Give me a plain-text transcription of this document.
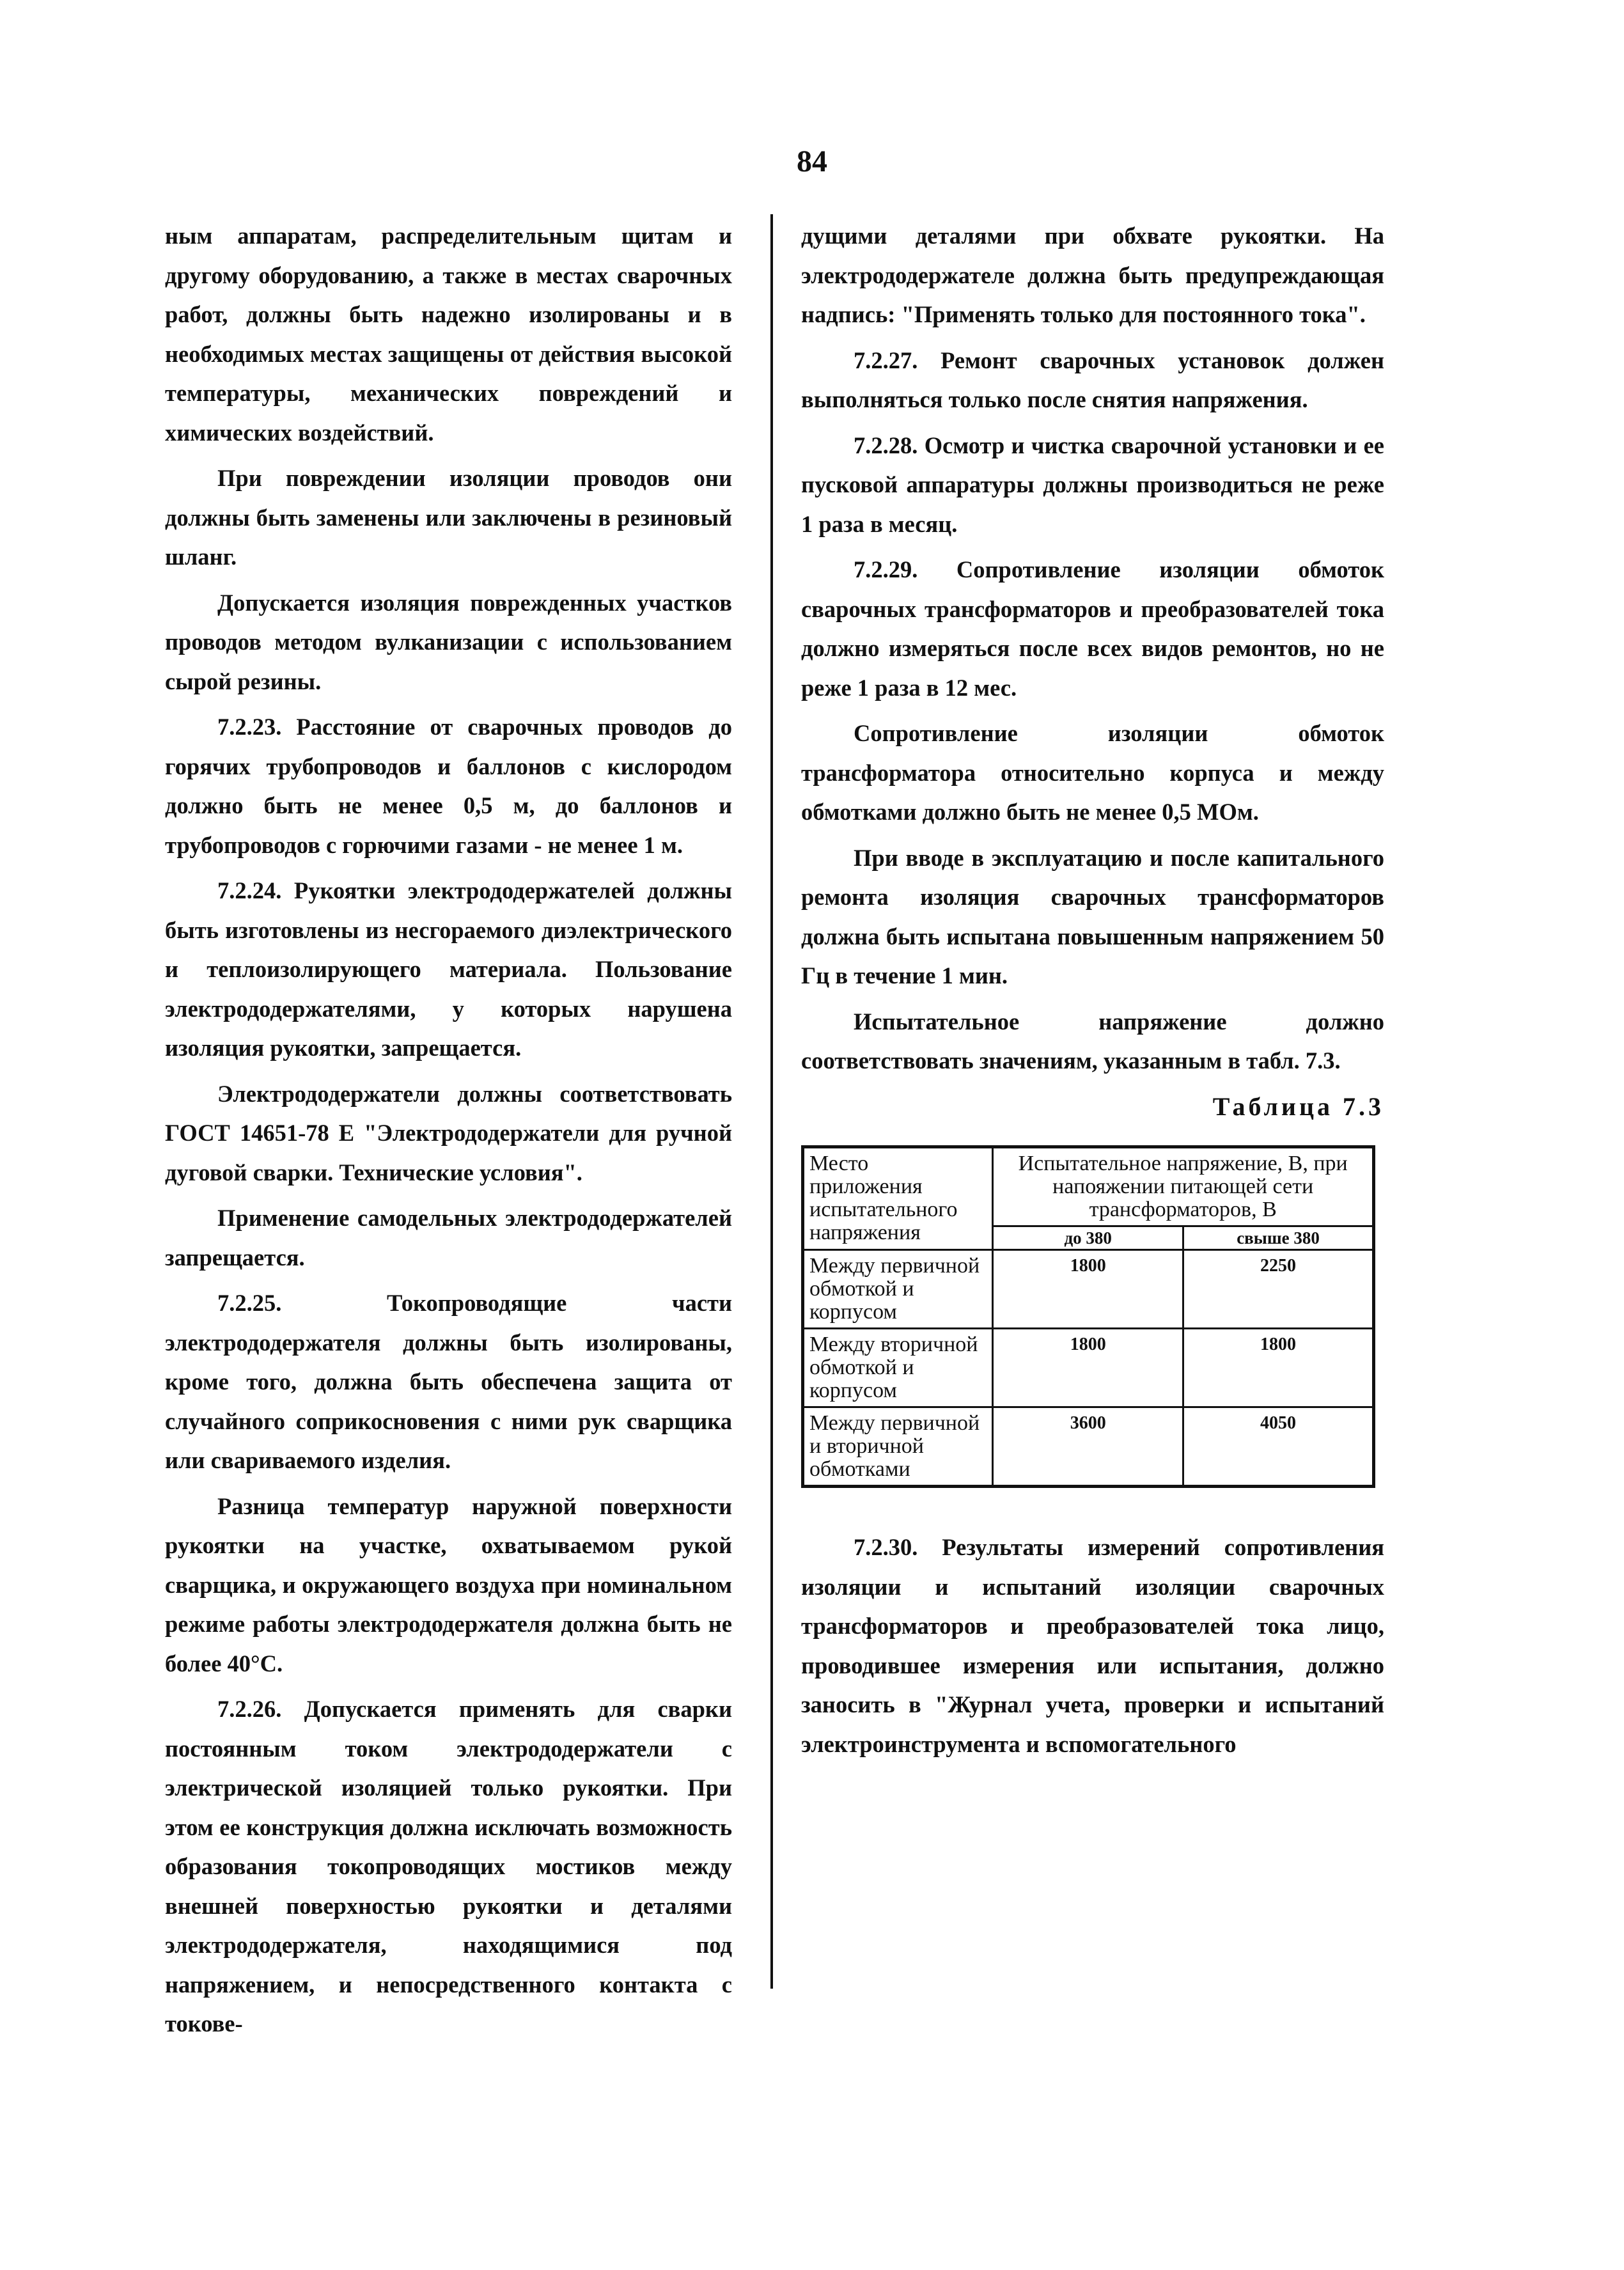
84

ным аппаратам, распределительным щитам и другому оборудованию, а также в местах сварочных работ, должны быть надежно изолированы и в необходимых местах защищены от действия высокой температуры, механических повреждений и химических воздействий.

При повреждении изоляции проводов они должны быть заменены или заключены в резиновый шланг.

Допускается изоляция поврежденных участков проводов методом вулканизации с использованием сырой резины.

7.2.23. Расстояние от сварочных проводов до горячих трубопроводов и баллонов с кислородом должно быть не менее 0,5 м, до баллонов и трубопроводов с горючими газами - не менее 1 м.

7.2.24. Рукоятки электрододержателей должны быть изготовлены из несгораемого диэлектрического и теплоизолирующего материала. Пользование электрододержателями, у которых нарушена изоляция рукоятки, запрещается.

Электрододержатели должны соответствовать ГОСТ 14651-78 Е "Электрододержатели для ручной дуговой сварки. Технические условия".

Применение самодельных электрододержателей запрещается.

7.2.25. Токопроводящие части электрододержателя должны быть изолированы, кроме того, должна быть обеспечена защита от случайного соприкосновения с ними рук сварщика или свариваемого изделия.

Разница температур наружной поверхности рукоятки на участке, охватываемом рукой сварщика, и окружающего воздуха при номинальном режиме работы электрододержателя должна быть не более 40°С.

7.2.26. Допускается применять для сварки постоянным током электрододержатели с электрической изоляцией только рукоятки. При этом ее конструкция должна исключать возможность образования токопроводящих мостиков между внешней поверхностью рукоятки и деталями электрододержателя, находящимися под напряжением, и непосредственного контакта с токове-

дущими деталями при обхвате рукоятки. На электрододержателе должна быть предупреждающая надпись: "Применять только для постоянного тока".

7.2.27. Ремонт сварочных установок должен выполняться только после снятия напряжения.

7.2.28. Осмотр и чистка сварочной установки и ее пусковой аппаратуры должны производиться не реже 1 раза в месяц.

7.2.29. Сопротивление изоляции обмоток сварочных трансформаторов и преобразователей тока должно измеряться после всех видов ремонтов, но не реже 1 раза в 12 мес.

Сопротивление изоляции обмоток трансформатора относительно корпуса и между обмотками должно быть не менее 0,5 МОм.

При вводе в эксплуатацию и после капитального ремонта изоляция сварочных трансформаторов должна быть испытана повышенным напряжением 50 Гц в течение 1 мин.

Испытательное напряжение должно соответствовать значениям, указанным в табл. 7.3.

Таблица 7.3
Место приложения испытательного напряжения	Испытательное напряжение, В, при напояжении питающей сети трансформаторов, В	
	до 380	свыше 380
Между первичной обмоткой и корпусом	1800	2250
Между вторичной обмоткой и корпусом	1800	1800
Между первичной и вторичной обмотками	3600	4050

7.2.30. Результаты измерений сопротивления изоляции и испытаний изоляции сварочных трансформаторов и преобразователей тока лицо, проводившее измерения или испытания, должно заносить в "Журнал учета, проверки и испытаний электроинструмента и вспомогательного
